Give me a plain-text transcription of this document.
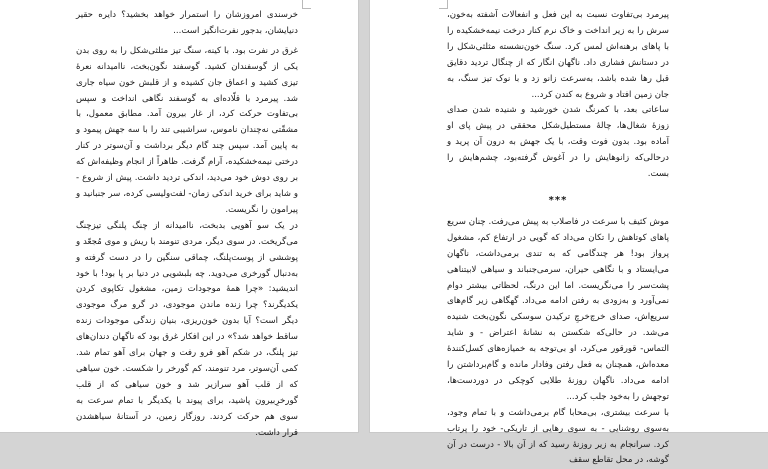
خرسندی امروزشان را استمرار خواهد بخشید؟ دایره حقیر دنیایشان، بدجور نفرت‌انگیز است...

غرق در نفرت بود. با کینه، سنگ تیز مثلثی‌شکل را به روی بدن یکی از گوسفندان کشید. گوسفند نگون‌بخت، ناامیدانه نعرهٔ تیزی کشید و اعماق جان کشیده و از قلبش خون سیاه جاری شد. پیرمرد با قلّاده‌ای به گوسفند نگاهی انداخت و سپس بی‌تفاوت حرکت کرد، از غار بیرون آمد. مطابق معمول، با مشقّتی نه‌چندان ناموس، سراشیبی تند را با سه جهش پیمود و به پایین آمد. سپس چند گام دیگر برداشت و آن‌سوتر در کنار درختی نیمه‌خشکیده، آرام گرفت. ظاهراً از انجام وظیفه‌اش که بر روی دوش خود می‌دید، اندکی تردید داشت. پیش از شروع - و شاید برای خرید اندکی زمان- لفت‌ولیسی کرده، سر جنبانید و پیرامون را نگریست.

در یک سو آهویی بدبخت، ناامیدانه از چنگ پلنگی تیزچنگ می‌گریخت. در سوی دیگر، مردی تنومند با ریش و موی مُجعّد و پوششی از پوست‌پلنگ، چماقی سنگین را در دست گرفته و به‌دنبال گورخری می‌دوید. چه بلبشویی در دنیا بر پا بود! با خود اندیشید: «چرا همهٔ موجودات زمین، مشغول تکاپوی کردن یکدیگرند؟ چرا زنده ماندن موجودی، در گرو مرگ موجودی دیگر است؟ آیا بدون خون‌ریزی، بنیان زندگی موجودات زنده ساقط خواهد شد؟» در این افکار غرق بود که ناگهان دندان‌های تیز پلنگ، در شکم آهو فرو رفت و جهان برای آهو تمام شد. کمی آن‌سوتر، مرد تنومند، کم گورخر را شکست. خون سیاهی که از قلب آهو سرازیر شد و خون سیاهی که از قلب گورخرِبیرون پاشید، برای پیوند با یکدیگر با تمام سرعت به سوی هم حرکت کردند. روزگار زمین، در آستانهٔ سیاهشدن قرار داشت.

پیرمرد بی‌تفاوت نسبت به این فعل و انفعالات آشفته به‌خون، سرش را به زیر انداخت و خاک نرم کنار درخت نیمه‌خشکیده را با پاهای برهنه‌اش لمس کرد. سنگ خون‌نشسته مثلثی‌شکل را در دستانش فشاری داد. ناگهان انگار که از چنگال تردید دقایق قبل رها شده باشد، به‌سرعت زانو زد و با نوک تیز سنگ، به جان زمین افتاد و شروع به کندن کرد...

ساعاتی بعد، با کمرنگ شدن خورشید و شنیده شدن صدای زوزهٔ شغال‌ها، چالهٔ مستطیل‌شکل محققی در پیش پای او آماده بود. بدون فوت وقت، با یک جهش به درون آن پرید و درحالی‌که زانوهایش را در آغوش گرفته‌بود، چشم‌هایش را بست.

***

موش کثیف با سرعت در فاصلاب به پیش می‌رفت. چنان سریع پاهای کوتاهش را تکان می‌داد که گویی در ارتفاع کم، مشغول پرواز بود! هر چندگامی که به تندی برمی‌داشت، ناگهان می‌ایستاد و با نگاهی حیران، سرمی‌جنباند و سیاهی لابیتناهی پشت‌سر را می‌نگریست. اما این درنگ، لحظاتی بیشتر دوام نمی‌آورد و به‌زودی به رفتن ادامه می‌داد. گهگاهی زیر گام‌های سریع‌اش، صدای خرچ‌خرچِ ترکیدن سوسکی نگون‌بخت شنیده می‌شد. در حالی‌که شکستن به نشانهٔ اعتراض - و شاید التماس- قورقور می‌کرد، او بی‌توجه به خمیازه‌های کسل‌کنندهٔ معده‌اش، همچنان به فعل رفتن وفادار مانده و گام‌برداشتن را ادامه می‌داد. ناگهان روزنهٔ طلایی کوچکی در دوردست‌ها، توجهش را به‌خود جلب کرد...

با سرعت بیشتری، بی‌محابا گام برمی‌داشت و با تمام وجود، به‌سوی روشنایی - به سوی رهایی از تاریکی- خود را پرتاب کرد. سرانجام به زیر روزنهٔ رسید که از آن بالا - درست در آن گوشه، در محل تقاطع سقف
